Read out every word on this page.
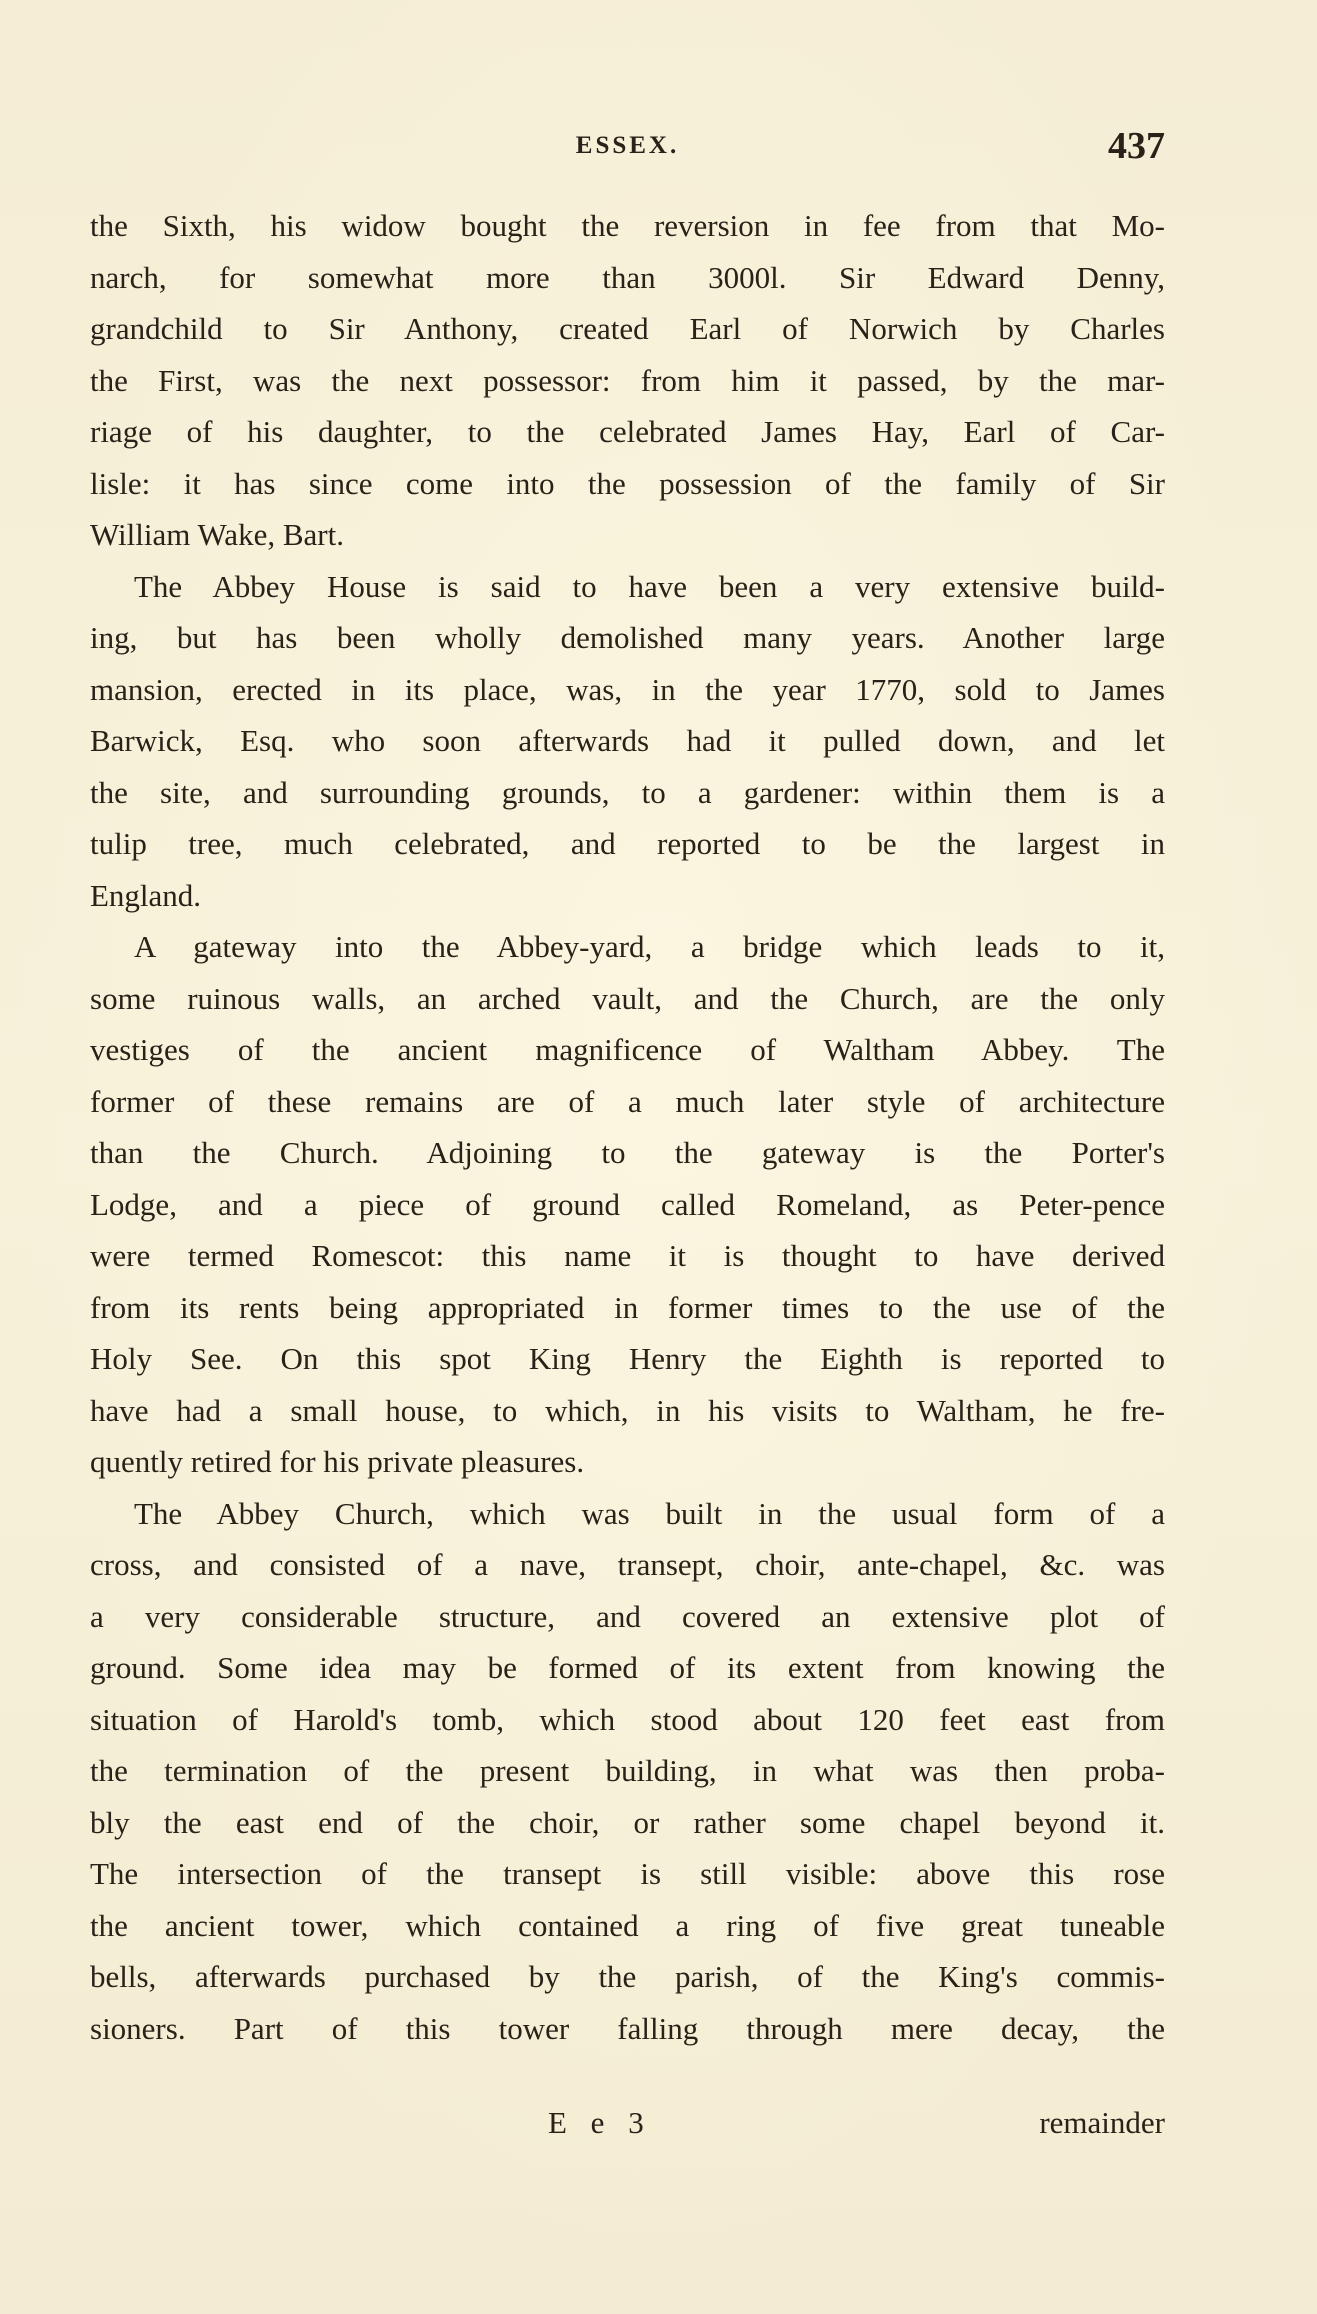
ESSEX.	437
the Sixth, his widow bought the reversion in fee from that Mo-
narch, for somewhat more than 3000l. Sir Edward Denny,
grandchild to Sir Anthony, created Earl of Norwich by Charles
the First, was the next possessor: from him it passed, by the mar-
riage of his daughter, to the celebrated James Hay, Earl of Car-
lisle: it has since come into the possession of the family of Sir
William Wake, Bart.
The Abbey House is said to have been a very extensive build-
ing, but has been wholly demolished many years. Another large
mansion, erected in its place, was, in the year 1770, sold to James
Barwick, Esq. who soon afterwards had it pulled down, and let
the site, and surrounding grounds, to a gardener: within them is a
tulip tree, much celebrated, and reported to be the largest in
England.
A gateway into the Abbey-yard, a bridge which leads to it,
some ruinous walls, an arched vault, and the Church, are the only
vestiges of the ancient magnificence of Waltham Abbey. The
former of these remains are of a much later style of architecture
than the Church. Adjoining to the gateway is the Porter's
Lodge, and a piece of ground called Romeland, as Peter-pence
were termed Romescot: this name it is thought to have derived
from its rents being appropriated in former times to the use of the
Holy See. On this spot King Henry the Eighth is reported to
have had a small house, to which, in his visits to Waltham, he fre-
quently retired for his private pleasures.
The Abbey Church, which was built in the usual form of a
cross, and consisted of a nave, transept, choir, ante-chapel, &c. was
a very considerable structure, and covered an extensive plot of
ground. Some idea may be formed of its extent from knowing the
situation of Harold's tomb, which stood about 120 feet east from
the termination of the present building, in what was then proba-
bly the east end of the choir, or rather some chapel beyond it.
The intersection of the transept is still visible: above this rose
the ancient tower, which contained a ring of five great tuneable
bells, afterwards purchased by the parish, of the King's commis-
sioners. Part of this tower falling through mere decay, the
E e 3	remainder
